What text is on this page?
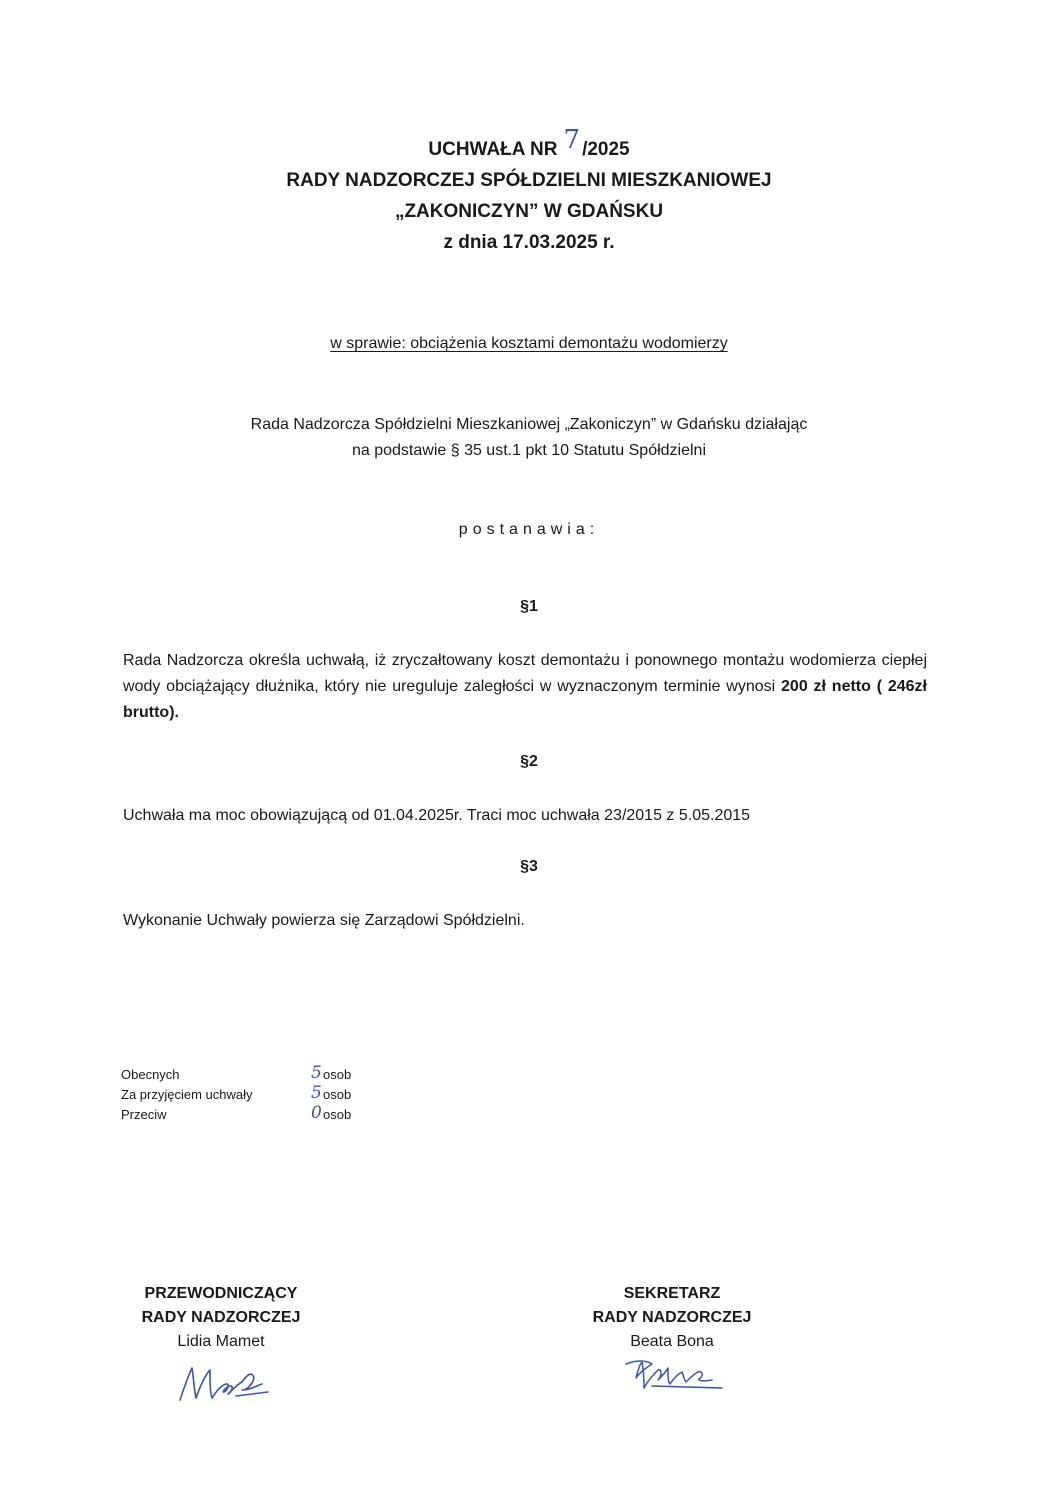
UCHWAŁA NR 7 /2025
RADY NADZORCZEJ SPÓŁDZIELNI MIESZKANIOWEJ
„ZAKONICZYN” W GDAŃSKU
z dnia 17.03.2025 r.
w sprawie: obciążenia kosztami demontażu wodomierzy
Rada Nadzorcza Spółdzielni Mieszkaniowej „Zakoniczyn” w Gdańsku działając
na podstawie § 35 ust.1 pkt 10 Statutu Spółdzielni
postanawia:
§1
Rada Nadzorcza określa uchwałą, iż zryczałtowany koszt demontażu i ponownego montażu wodomierza ciepłej wody obciążający dłużnika, który nie ureguluje zaległości w wyznaczonym terminie wynosi 200 zł netto ( 246zł brutto).
§2
Uchwała ma moc obowiązującą od 01.04.2025r. Traci moc uchwała 23/2015 z 5.05.2015
§3
Wykonanie Uchwały powierza się Zarządowi Spółdzielni.
Obecnych	5 osob
Za przyjęciem uchwały	5 osob
Przeciw	0 osob
PRZEWODNICZĄCY
RADY NADZORCZEJ
Lidia Mamet
SEKRETARZ
RADY NADZORCZEJ
Beata Bona
